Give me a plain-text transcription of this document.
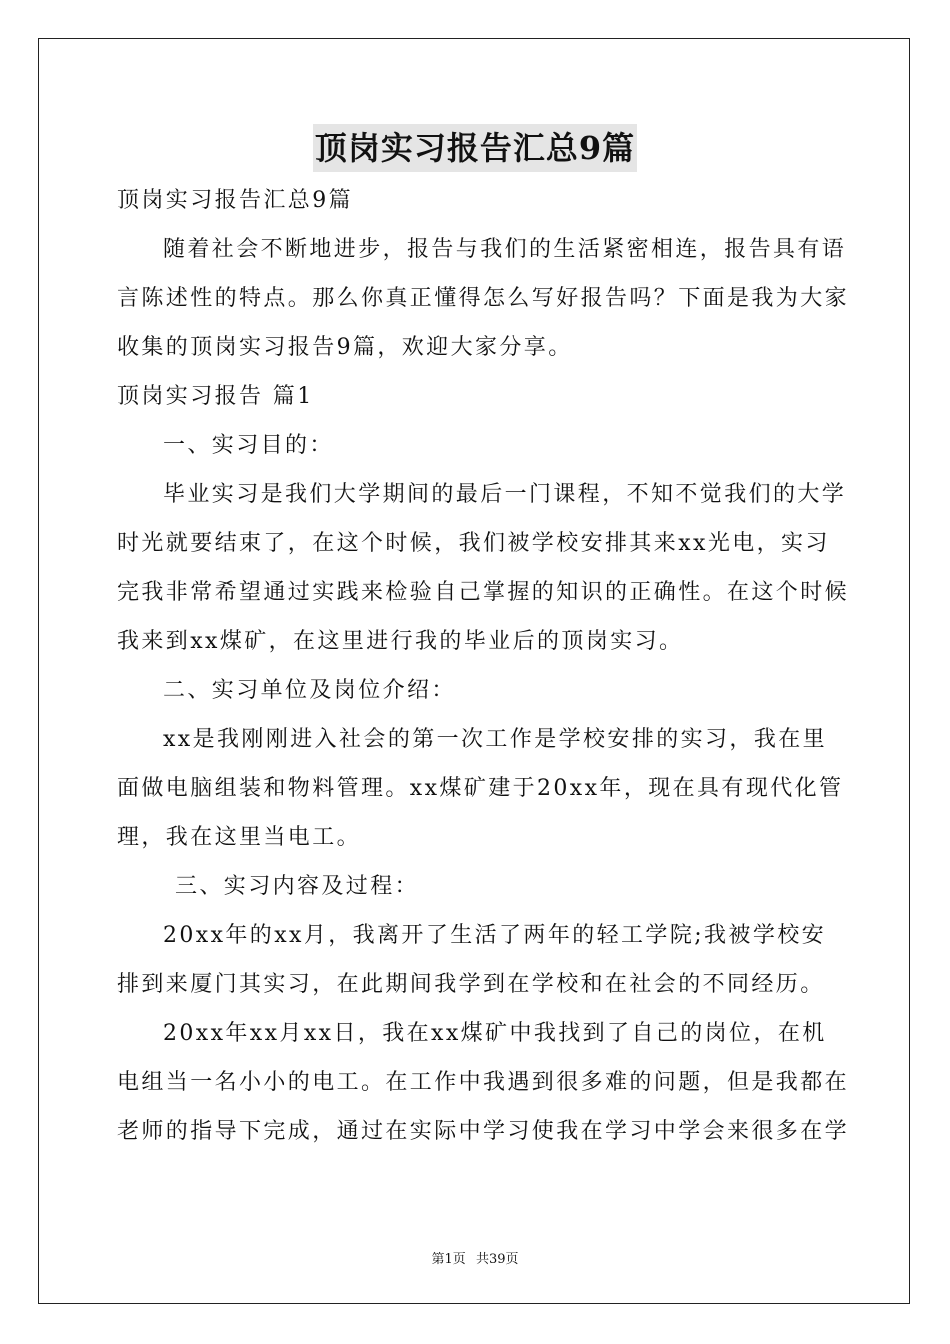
顶岗实习报告汇总9篇
顶岗实习报告汇总9篇
随着社会不断地进步，报告与我们的生活紧密相连，报告具有语
言陈述性的特点。那么你真正懂得怎么写好报告吗？下面是我为大家
收集的顶岗实习报告9篇，欢迎大家分享。
顶岗实习报告 篇1
一、实习目的：
毕业实习是我们大学期间的最后一门课程，不知不觉我们的大学
时光就要结束了，在这个时候，我们被学校安排其来xx光电，实习
完我非常希望通过实践来检验自己掌握的知识的正确性。在这个时候
我来到xx煤矿，在这里进行我的毕业后的顶岗实习。
二、实习单位及岗位介绍：
xx是我刚刚进入社会的第一次工作是学校安排的实习，我在里
面做电脑组装和物料管理。xx煤矿建于20xx年，现在具有现代化管
理，我在这里当电工。
三、实习内容及过程：
20xx年的xx月，我离开了生活了两年的轻工学院;我被学校安
排到来厦门其实习，在此期间我学到在学校和在社会的不同经历。
20xx年xx月xx日，我在xx煤矿中我找到了自己的岗位，在机
电组当一名小小的电工。在工作中我遇到很多难的问题，但是我都在
老师的指导下完成，通过在实际中学习使我在学习中学会来很多在学
第1页 共39页
